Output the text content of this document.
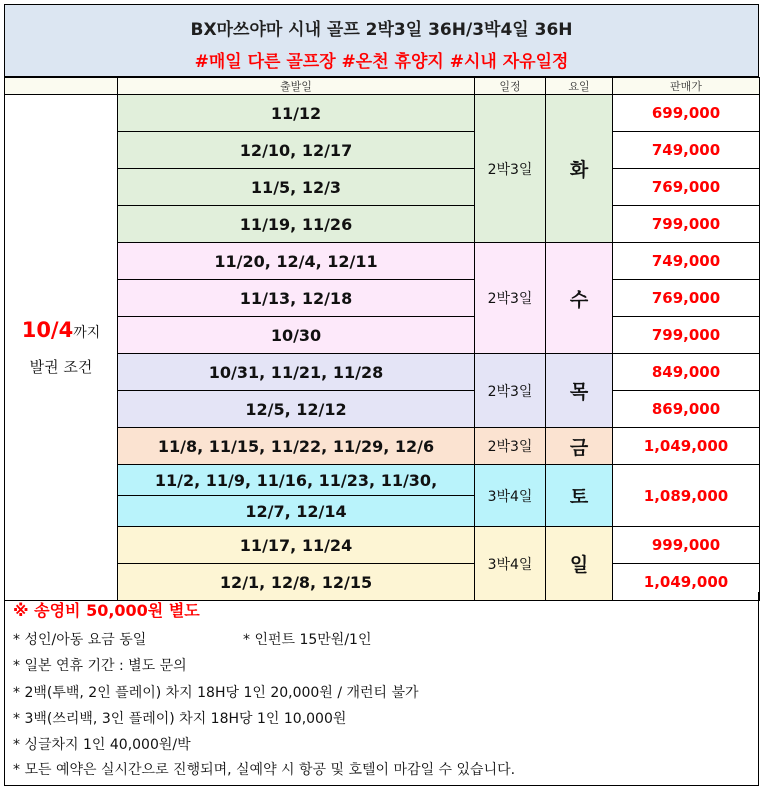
BX마쓰야마 시내 골프 2박3일 36H/3박4일 36H
#매일 다른 골프장 #온천 휴양지 #시내 자유일정
	출발일	일정	요일	판매가

10/4까지
발권 조건	11/12	2박3일	화	699,000
	12/10, 12/17			749,000
	11/5, 12/3			769,000
	11/19, 11/26			799,000
	11/20, 12/4, 12/11	2박3일	수	749,000
	11/13, 12/18			769,000
	10/30			799,000
	10/31, 11/21, 11/28	2박3일	목	849,000
	12/5, 12/12			869,000
	11/8, 11/15, 11/22, 11/29, 12/6	2박3일	금	1,049,000
	11/2, 11/9, 11/16, 11/23, 11/30,	3박4일	토	1,089,000
	12/7, 12/14			
	11/17, 11/24	3박4일	일	999,000
	12/1, 12/8, 12/15			1,049,000
※ 송영비 50,000원 별도
* 성인/아동 요금 동일	* 인펀트 15만원/1인
* 일본 연휴 기간 : 별도 문의
* 2백(투백, 2인 플레이) 차지 18H당 1인 20,000원 / 개런티 불가
* 3백(쓰리백, 3인 플레이) 차지 18H당 1인 10,000원
* 싱글차지 1인 40,000원/박
* 모든 예약은 실시간으로 진행되며, 실예약 시 항공 및 호텔이 마감일 수 있습니다.
